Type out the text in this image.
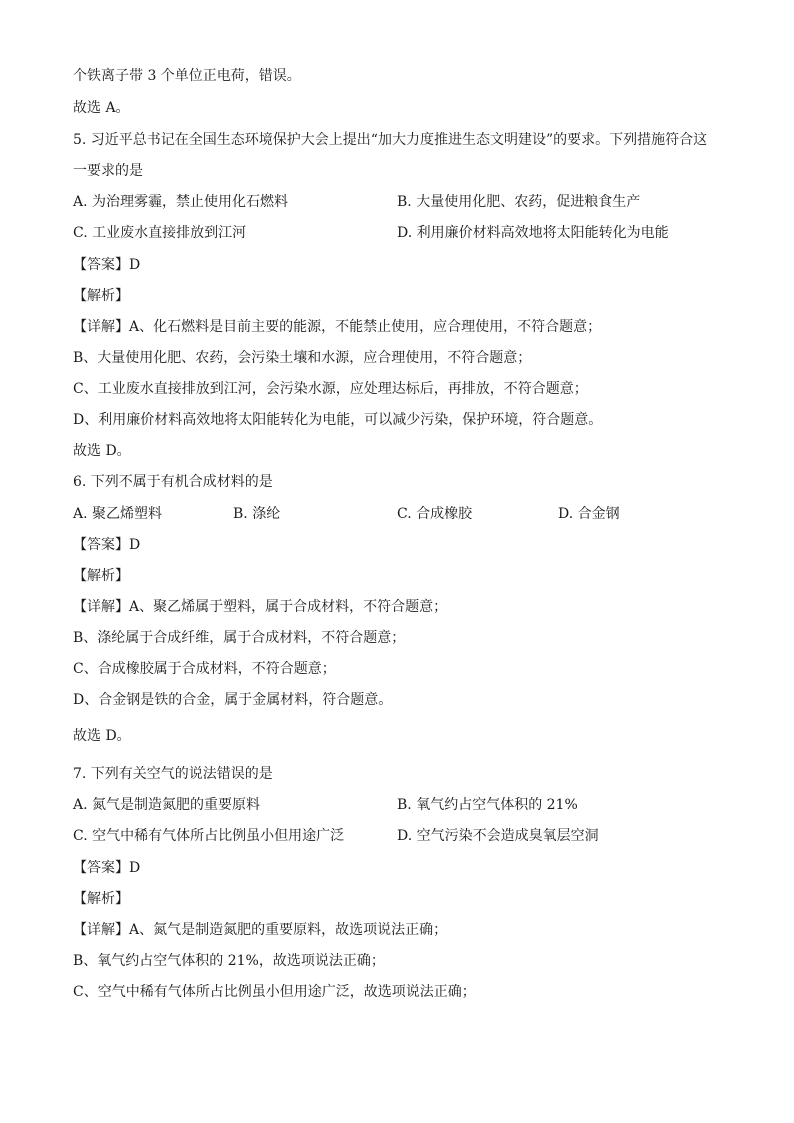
个铁离子带 3 个单位正电荷，错误。
故选 A。
5. 习近平总书记在全国生态环境保护大会上提出“加大力度推进生态文明建设”的要求。下列措施符合这
一要求的是
A. 为治理雾霾，禁止使用化石燃料	B. 大量使用化肥、农药，促进粮食生产
C. 工业废水直接排放到江河	D. 利用廉价材料高效地将太阳能转化为电能
【答案】D
【解析】
【详解】A、化石燃料是目前主要的能源，不能禁止使用，应合理使用，不符合题意；
B、大量使用化肥、农药，会污染土壤和水源，应合理使用，不符合题意；
C、工业废水直接排放到江河，会污染水源，应处理达标后，再排放，不符合题意；
D、利用廉价材料高效地将太阳能转化为电能，可以减少污染，保护环境，符合题意。
故选 D。
6. 下列不属于有机合成材料的是
A. 聚乙烯塑料	B. 涤纶	C. 合成橡胶	D. 合金钢
【答案】D
【解析】
【详解】A、聚乙烯属于塑料，属于合成材料，不符合题意；
B、涤纶属于合成纤维，属于合成材料，不符合题意；
C、合成橡胶属于合成材料，不符合题意；
D、合金钢是铁的合金，属于金属材料，符合题意。
故选 D。
7. 下列有关空气的说法错误的是
A. 氮气是制造氮肥的重要原料	B. 氧气约占空气体积的 21%
C. 空气中稀有气体所占比例虽小但用途广泛	D. 空气污染不会造成臭氧层空洞
【答案】D
【解析】
【详解】A、氮气是制造氮肥的重要原料，故选项说法正确；
B、氧气约占空气体积的 21%，故选项说法正确；
C、空气中稀有气体所占比例虽小但用途广泛，故选项说法正确；
